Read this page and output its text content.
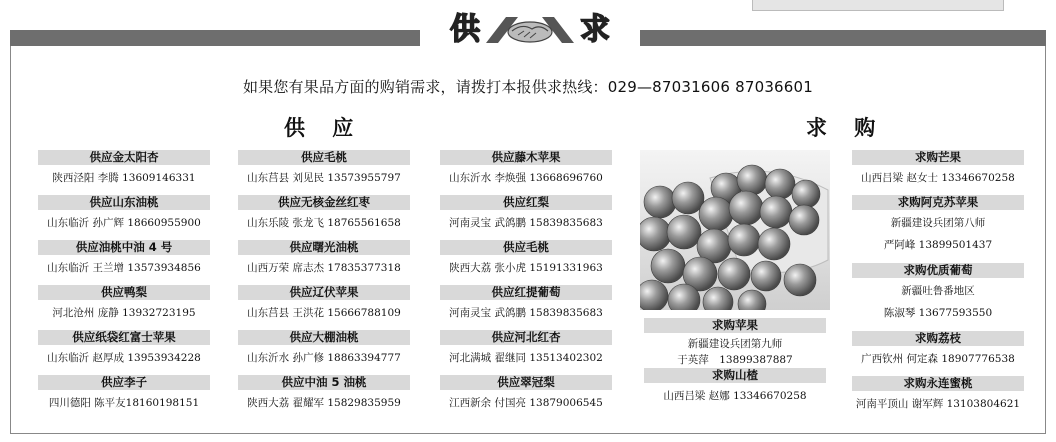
供	求
如果您有果品方面的购销需求，请拨打本报供求热线：029—87031606 87036601
供 应	求 购
供应金太阳杏
陕西泾阳 李腾 13609146331
供应山东油桃
山东临沂 孙广辉 18660955900
供应油桃中油 4 号
山东临沂 王兰增 13573934856
供应鸭梨
河北沧州 庞静 13932723195
供应纸袋红富士苹果
山东临沂 赵厚成 13953934228
供应李子
四川德阳 陈平友18160198151
供应毛桃
山东莒县 刘见民 13573955797
供应无核金丝红枣
山东乐陵 张龙飞 18765561658
供应曙光油桃
山西万荣 席志杰 17835377318
供应辽伏苹果
山东莒县 王洪花 15666788109
供应大棚油桃
山东沂水 孙广修 18863394777
供应中油 5 油桃
陕西大荔 翟耀军 15829835959
供应藤木苹果
山东沂水 李焕强 13668696760
供应红梨
河南灵宝 武鸽鹏 15839835683
供应毛桃
陕西大荔 张小虎 15191331963
供应红提葡萄
河南灵宝 武鸽鹏 15839835683
供应河北红杏
河北满城 翟继同 13513402302
供应翠冠梨
江西新余 付国亮 13879006545
求购苹果
新疆建设兵团第九师
于英萍　13899387887
求购山楂
山西吕梁 赵娜 13346670258
求购芒果
山西吕梁 赵女士 13346670258
求购阿克苏苹果
新疆建设兵团第八师
严阿峰 13899501437
求购优质葡萄
新疆吐鲁番地区
陈淑琴 13677593550
求购荔枝
广西钦州 何定森 18907776538
求购永连蜜桃
河南平顶山 谢军辉 13103804621
